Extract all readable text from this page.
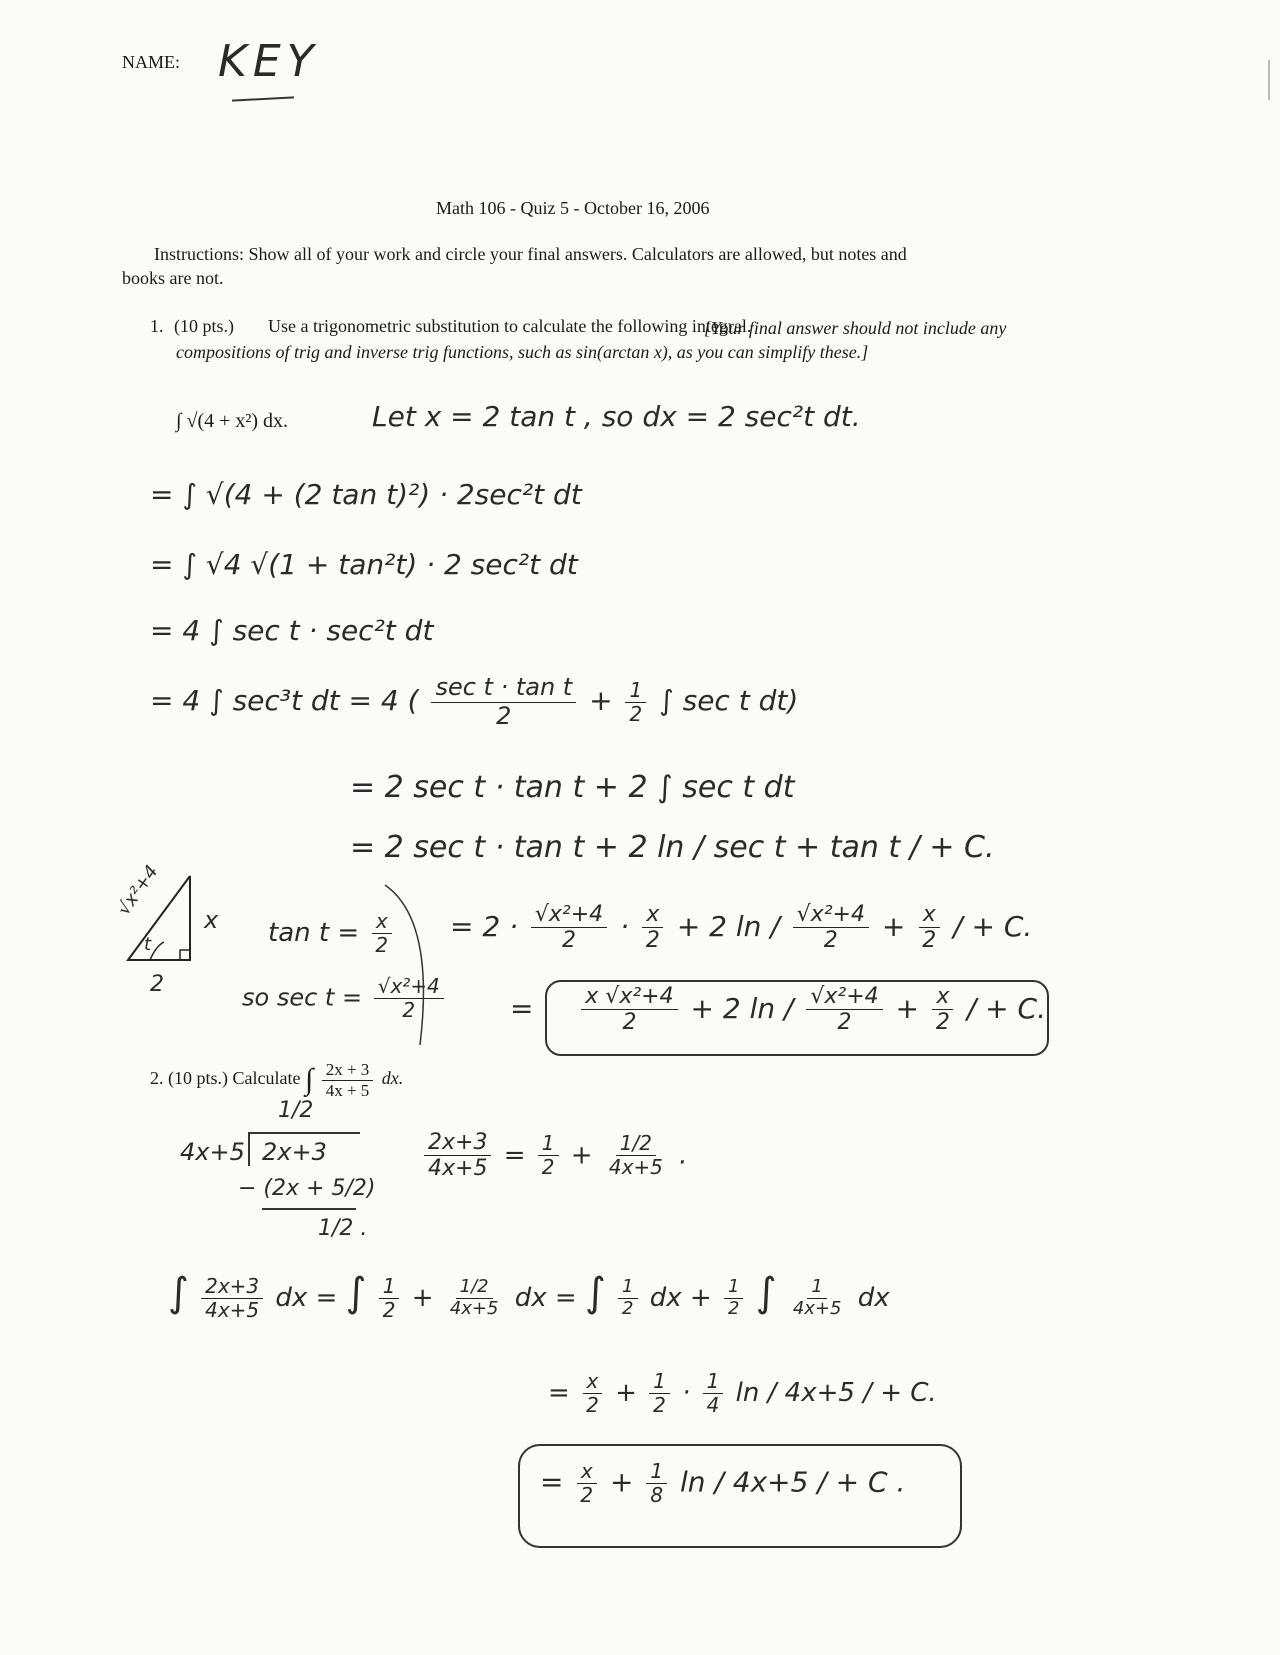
NAME: KEY
Math 106 - Quiz 5 - October 16, 2006
Instructions: Show all of your work and circle your final answers. Calculators are allowed, but notes and
books are not.
1. (10 pts.) Use a trigonometric substitution to calculate the following integral.
[Your final answer should not include any compositions of trig and inverse trig functions, such as sin(arctan x), as you can simplify these.]
∫ √(4 + x²) dx.	Let x = 2 tan t , so dx = 2 sec²t dt.
= ∫ √(4 + (2 tan t)²) · 2sec²t dt
= ∫ √4 √(1 + tan²t) · 2 sec²t dt
= 4 ∫ sec t · sec²t dt
= 4 ∫ sec³t dt = 4 ( $\frac{\text{sec t · tan t}}{2} + \frac{1}{2}$ ∫ sec t dt)
= 2 sec t · tan t + 2 ∫ sec t dt
= 2 sec t · tan t + 2 ln / sec t + tan t / + C.
√x²+4
x
2
t	$\tan t = \frac{x}{2}$
so $\sec t = \frac{\text{√x²+4}}{2}$
= $2 \cdot \frac{\text{√x²+4}}{2} \cdot \frac{x}{2} + 2$ $\ln / \frac{\text{√x²+4}}{2} + \frac{x}{2}$ / + C.
= $\frac{\text{x √x²+4}}{2} + 2$ $\ln / \frac{\text{√x²+4}}{2} + \frac{x}{2}$ / + C.
2. (10 pts.) Calculate ∫ $\frac{2x + 3}{4x + 5}$ dx.
1/2
4x+5 2x+3
− (2x + 5/2)
1/2 .
$\frac{2x+3}{4x+5} = \frac{1}{2} + \frac{1/2}{4x+5}$ .
∫ $\frac{2x+3}{4x+5}$ dx = ∫ $\frac{1}{2} + \frac{1/2}{4x+5}$ dx = ∫ $\frac{1}{2}$ dx + $\frac{1}{2}$ ∫ $\frac{1}{4x+5}$ dx
= $\frac{x}{2} + \frac{1}{2} \cdot \frac{1}{4}$ ln / 4x+5 / + C.
= $\frac{x}{2} + \frac{1}{8}$ ln / 4x+5 / + C .
